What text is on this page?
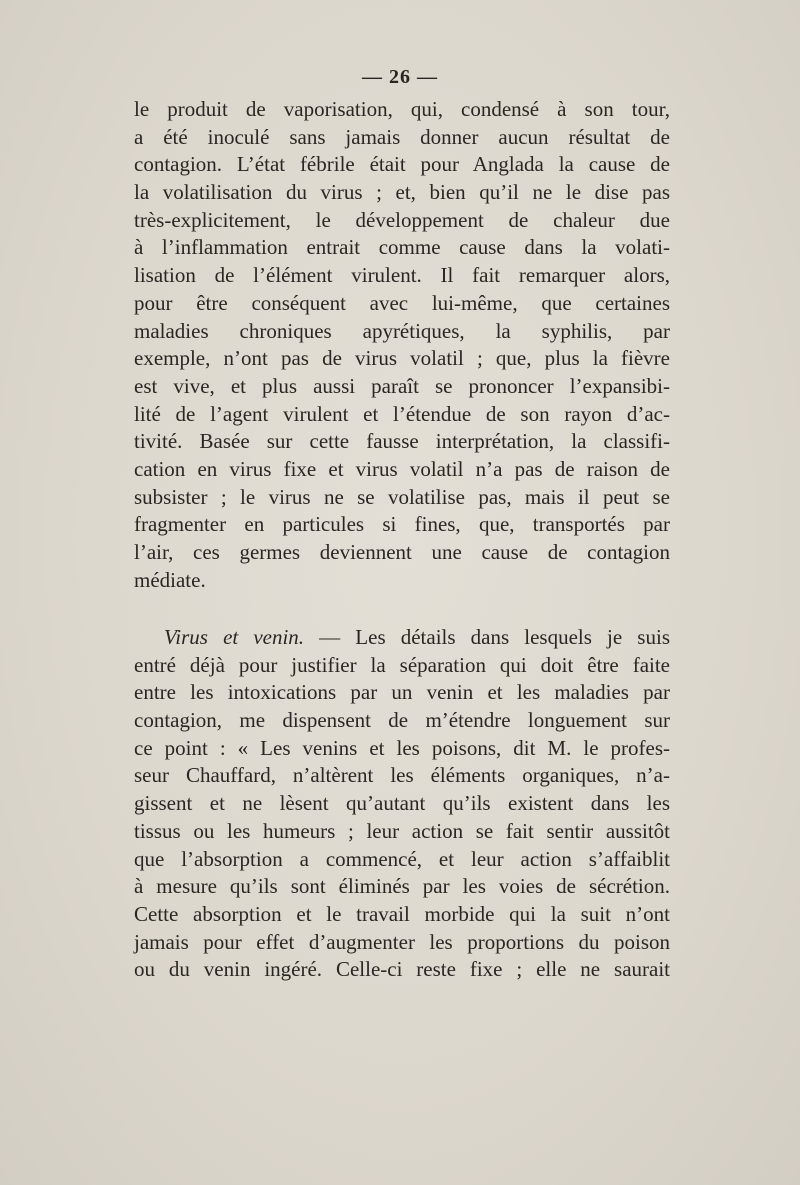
— 26 —
le produit de vaporisation, qui, condensé à son tour,
a été inoculé sans jamais donner aucun résultat de
contagion. L’état fébrile était pour Anglada la cause de
la volatilisation du virus ; et, bien qu’il ne le dise pas
très-explicitement, le développement de chaleur due
à l’inflammation entrait comme cause dans la volati-
lisation de l’élément virulent. Il fait remarquer alors,
pour être conséquent avec lui-même, que certaines
maladies chroniques apyrétiques, la syphilis, par
exemple, n’ont pas de virus volatil ; que, plus la fièvre
est vive, et plus aussi paraît se prononcer l’expansibi-
lité de l’agent virulent et l’étendue de son rayon d’ac-
tivité. Basée sur cette fausse interprétation, la classifi-
cation en virus fixe et virus volatil n’a pas de raison de
subsister ; le virus ne se volatilise pas, mais il peut se
fragmenter en particules si fines, que, transportés par
l’air, ces germes deviennent une cause de contagion
médiate.
Virus et venin. — Les détails dans lesquels je suis
entré déjà pour justifier la séparation qui doit être faite
entre les intoxications par un venin et les maladies par
contagion, me dispensent de m’étendre longuement sur
ce point : « Les venins et les poisons, dit M. le profes-
seur Chauffard, n’altèrent les éléments organiques, n’a-
gissent et ne lèsent qu’autant qu’ils existent dans les
tissus ou les humeurs ; leur action se fait sentir aussitôt
que l’absorption a commencé, et leur action s’affaiblit
à mesure qu’ils sont éliminés par les voies de sécrétion.
Cette absorption et le travail morbide qui la suit n’ont
jamais pour effet d’augmenter les proportions du poison
ou du venin ingéré. Celle-ci reste fixe ; elle ne saurait
